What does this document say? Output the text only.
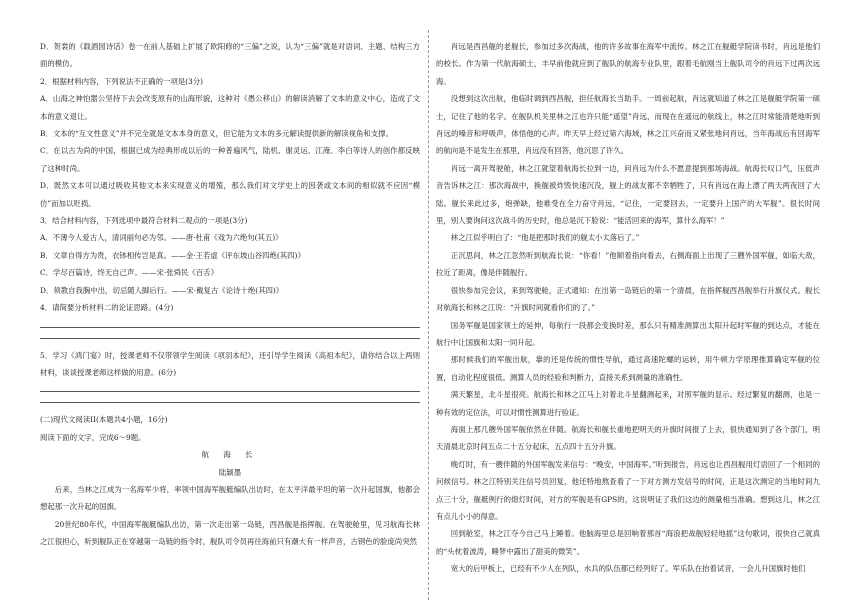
D．贺裳的《载酒园诗话》卷一在前人基础上扩展了欧阳修的“三偏”之说，认为“三偏”就是对语词、主题、结构三方面的模仿。

2．根据材料内容，下列说法不正确的一项是(3分)

A．山海之神怕嚣公坚持下去会改变原有的山海形貌，这种对《愚公移山》的解读消解了文本的意义中心，造成了文本的意义退让。

B．文本的“互文性意义”并不完全就是文本本身的意义，但它能为文本的多元解读提供新的解读视角和支撑。

C．在以古为尚的中国，根据已成为经典形成以后的一种普遍风气，陆机、谢灵运、江淹、李白等诗人的创作都反映了这种时尚。

D．既然文本可以通过吸收其他文本来实现意义的增殖，那么我们对文学史上的因袭或文本间的相似就不应因“模仿”而加以贬损。

3．结合材料内容，下列选项中最符合材料二观点的一项是(3分)

A．不薄今人爱古人，清词丽句必为邻。——唐·杜甫《戏为六绝句(其五)》

B．文章自得方为贵，衣钵相传岂是真。——金·王若虚《评东坡山谷四绝(其四)》

C．学尽百篇诗，终无自己声。——宋·张舜民《百舌》

D．须教自我胸中出，切忌随人脚后行。——宋·戴复古《论诗十绝(其四)》

4．请简要分析材料二的论证思路。(4分)

5．学习《鸿门宴》时，授课老师不仅带领学生阅读《项羽本纪》，还引导学生阅读《高祖本纪》，请你结合以上两则材料，谈谈授课老师这样做的用意。(6分)

(二)现代文阅读II(本题共4小题，16分)

阅读下面的文字，完成6～9题。

航 海 长

陆颖墨

后来，当林之江成为一名海军少将，率领中国海军舰艇编队出访时，在太平洋最平坦的第一次升起国旗，他都会想起那一次升起的国旗。

20世纪80年代，中国海军舰艇编队出访，第一次走出第一岛链，西昌舰是指挥舰。在驾驶舱里，见习航海长林之江很担心，听到舰队正在穿越第一岛链的指令时，舰队司令员再往海前只有潮大有一样声音，古钢色的脸庞尚突然

肖远是西昌舰的老舰长，参加过多次海战，他的许多故事在海军中流传。林之江在舰艇学院读书时，肖远是他们的校长。作为第一代航海硕士，丰早前他就应到了舰队的航海专业队里，跟着毛航刚当上舰队司令的肖远下过两次远海。

没想到这次出航，他临时调到西昌舰，担任航海长当助手。一周前起航，肖远就知道了林之江是舰艇学院第一硕士，记住了他的名字。在舰队机关里林之江也许只能“遥望”肖远，而现在在遥远的航线上，林之江时常能清楚地听到肖远的嗓音和呼吸声，体悟他的心声。昨天早上经过第六海域，林之江兴奋而又紧张地问肖远，当年海战后有回海军的航向是不是发生在那里，肖远没有回答，他沉思了许久。

肖远一离开驾驶舱，林之江就望着航海长拉到一边，问肖远为什么不愿意提到那场海战。航海长叹口气，压低声音告诉林之江：那次海战中，换舰被炸毁快速沉没，舰上的战友都不幸牺牲了，只有肖远在海上漂了两天两夜回了大陆。舰长来此过多，炮弹缺，他难受在全力奋守肖远，“记住，一定要回去，一定要升上国产的大军舰”。很长时间里，别人要询问这次战斗的历史时，他总是沉下脸说：“能活回来的海军，算什么海军！”

林之江似乎明白了：“他是把那时我们的舰太小太落后了。”

正沉思间，林之江忽然听到航海长说：“你看！”他顺着指向看去，右侧海面上出现了三艘外国军舰，如临大敌，拉近了距离，像是伴随舰行。

很快参加完会议，来到驾驶舱，正式通知：在出第一岛链后的第一个清晨，在指挥舰西昌舰举行升旗仪式。舰长对航海长和林之江说：“升旗时间就看你们的了。”

国务军舰是国家领土的延伸，每航行一段都会变换时差，那么只有精准测算出太阳升起时军舰的到达点，才能在航行中让国旗和太阳一同升起。

那时候我们的军舰出航，靠的还是传统的惯性导航，通过高速陀螺的运转，用牛顿力学原理推算确定军舰的位置，自动化程度很低。测算人员的经验和判断力，直接关系到测量的准确性。

满天繁星，北斗星很亮。航海长和林之江马上对着北斗星翻测起来，对照军舰的显示。经过繁复的翻测，也是一种有效的定位法，可以对惯性测算进行验证。

海面上那几艘外国军舰依然在伴随。航海长和舰长重地把明天的升旗时间报了上去，很快通知到了各个部门，明天清晨北京时间五点二十五分起床，五点四十五分升旗。

晚灯时，有一艘伴随的外国军舰发来信号：“晚安，中国海军。”听到报告，肖远也让西昌舰用灯语回了一个相同的问候信号。林之江特别关注信号员回复，他还特地熬查看了一下对方测方发信号的时间，正是这次测定的当地时间九点三十分，舰艇例行的熄灯时间，对方的军舰是有GPS的，这说明证了我们这边的测量相当准确。想到这儿，林之江有点儿小小的得意。

回到舱室，林之江夺今自己马上睡着。他脑海里总是回响着那首“海浪把战舰轻轻地摇”这句歌词，很快自己就真的“头枕着波涛，睡梦中露出了甜美的微笑”。

宽大的后甲板上，已经有不少人在列队，水兵的队伍都已经列好了。军乐队在抬着试音，一会儿升国旗时他们
